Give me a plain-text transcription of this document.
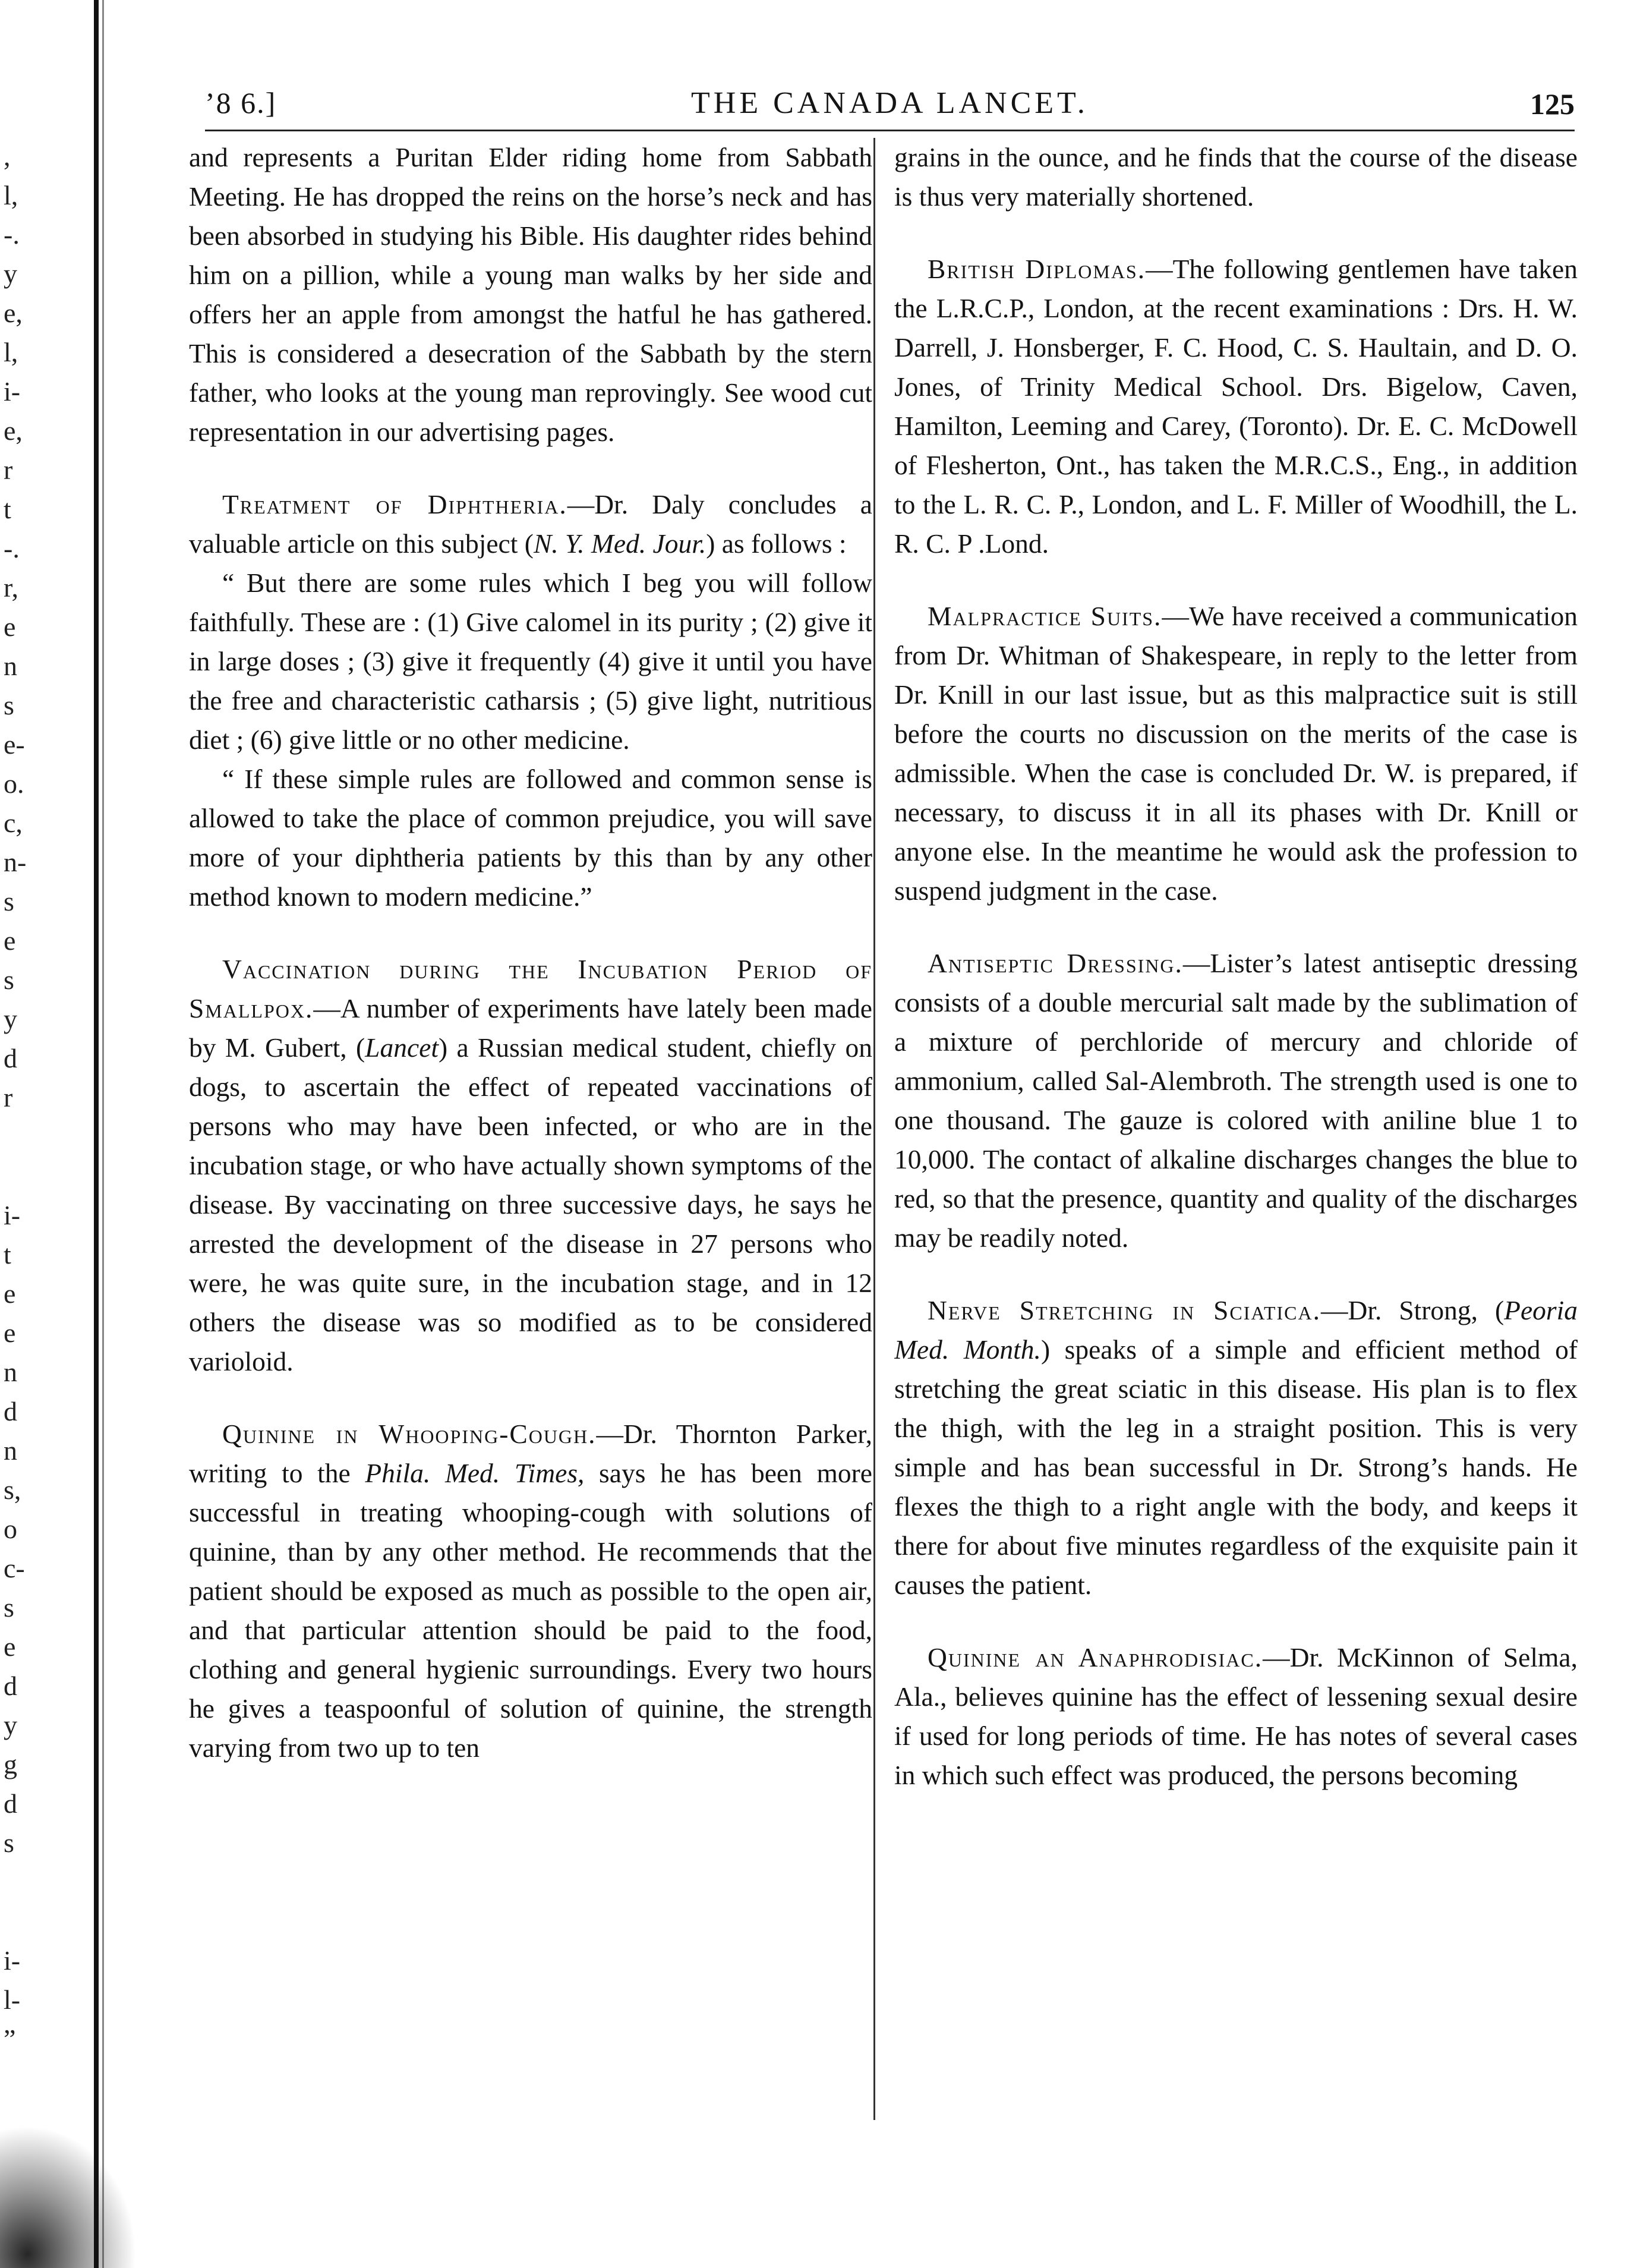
,
l,
-.
y
e,
l,
i-
e,
r
t
-.
r,
e
n
s
e-
o.
c,
n-
s
e
s
y
d
r
i-
t
e
e
n
d
n
s,
o
c-
s
e
d
y
g
d
s
i-
l-
”
’8 6.]	THE CANADA LANCET.	125

and represents a Puritan Elder riding home from Sabbath Meeting. He has dropped the reins on the horse’s neck and has been absorbed in studying his Bible. His daughter rides behind him on a pillion, while a young man walks by her side and offers her an apple from amongst the hatful he has gathered. This is considered a desecration of the Sabbath by the stern father, who looks at the young man reprovingly. See wood cut representation in our advertising pages.

Treatment of Diphtheria.—Dr. Daly concludes a valuable article on this subject (N. Y. Med. Jour.) as follows :

“ But there are some rules which I beg you will follow faithfully. These are : (1) Give calomel in its purity ; (2) give it in large doses ; (3) give it frequently (4) give it until you have the free and characteristic catharsis ; (5) give light, nutritious diet ; (6) give little or no other medicine.

“ If these simple rules are followed and common sense is allowed to take the place of common prejudice, you will save more of your diphtheria patients by this than by any other method known to modern medicine.”

Vaccination during the Incubation Period of Smallpox.—A number of experiments have lately been made by M. Gubert, (Lancet) a Russian medical student, chiefly on dogs, to ascertain the effect of repeated vaccinations of persons who may have been infected, or who are in the incubation stage, or who have actually shown symptoms of the disease. By vaccinating on three successive days, he says he arrested the development of the disease in 27 persons who were, he was quite sure, in the incubation stage, and in 12 others the disease was so modified as to be considered varioloid.

Quinine in Whooping-Cough.—Dr. Thornton Parker, writing to the Phila. Med. Times, says he has been more successful in treating whooping-cough with solutions of quinine, than by any other method. He recommends that the patient should be exposed as much as possible to the open air, and that particular attention should be paid to the food, clothing and general hygienic surroundings. Every two hours he gives a teaspoonful of solution of quinine, the strength varying from two up to ten

grains in the ounce, and he finds that the course of the disease is thus very materially shortened.

British Diplomas.—The following gentlemen have taken the L.R.C.P., London, at the recent examinations : Drs. H. W. Darrell, J. Honsberger, F. C. Hood, C. S. Haultain, and D. O. Jones, of Trinity Medical School. Drs. Bigelow, Caven, Hamilton, Leeming and Carey, (Toronto). Dr. E. C. McDowell of Flesherton, Ont., has taken the M.R.C.S., Eng., in addition to the L. R. C. P., London, and L. F. Miller of Woodhill, the L. R. C. P .Lond.

Malpractice Suits.—We have received a communication from Dr. Whitman of Shakespeare, in reply to the letter from Dr. Knill in our last issue, but as this malpractice suit is still before the courts no discussion on the merits of the case is admissible. When the case is concluded Dr. W. is prepared, if necessary, to discuss it in all its phases with Dr. Knill or anyone else. In the meantime he would ask the profession to suspend judgment in the case.

Antiseptic Dressing.—Lister’s latest antiseptic dressing consists of a double mercurial salt made by the sublimation of a mixture of perchloride of mercury and chloride of ammonium, called Sal-Alembroth. The strength used is one to one thousand. The gauze is colored with aniline blue 1 to 10,000. The contact of alkaline discharges changes the blue to red, so that the presence, quantity and quality of the discharges may be readily noted.

Nerve Stretching in Sciatica.—Dr. Strong, (Peoria Med. Month.) speaks of a simple and efficient method of stretching the great sciatic in this disease. His plan is to flex the thigh, with the leg in a straight position. This is very simple and has bean successful in Dr. Strong’s hands. He flexes the thigh to a right angle with the body, and keeps it there for about five minutes regardless of the exquisite pain it causes the patient.

Quinine an Anaphrodisiac.—Dr. McKinnon of Selma, Ala., believes quinine has the effect of lessening sexual desire if used for long periods of time. He has notes of several cases in which such effect was produced, the persons becoming
